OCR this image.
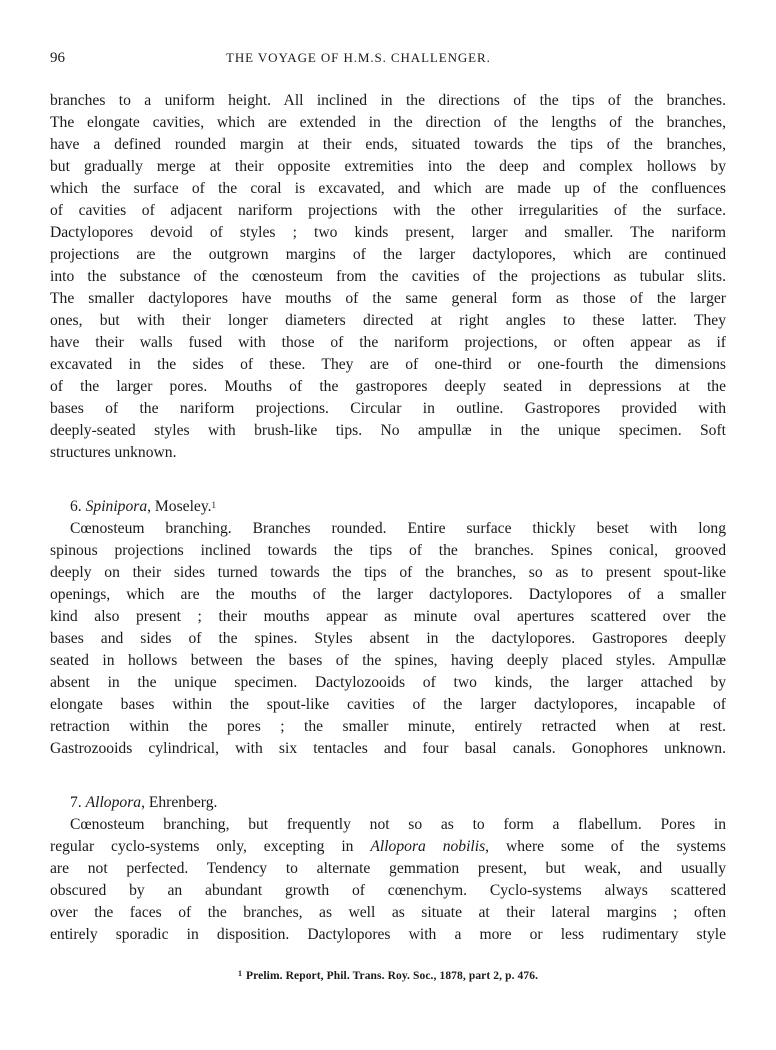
96	THE VOYAGE OF H.M.S. CHALLENGER.
branches to a uniform height. All inclined in the directions of the tips of the branches.
The elongate cavities, which are extended in the direction of the lengths of the branches,
have a defined rounded margin at their ends, situated towards the tips of the branches,
but gradually merge at their opposite extremities into the deep and complex hollows by
which the surface of the coral is excavated, and which are made up of the confluences
of cavities of adjacent nariform projections with the other irregularities of the surface.
Dactylopores devoid of styles ; two kinds present, larger and smaller. The nariform
projections are the outgrown margins of the larger dactylopores, which are continued
into the substance of the cœnosteum from the cavities of the projections as tubular slits.
The smaller dactylopores have mouths of the same general form as those of the larger
ones, but with their longer diameters directed at right angles to these latter. They
have their walls fused with those of the nariform projections, or often appear as if
excavated in the sides of these. They are of one-third or one-fourth the dimensions
of the larger pores. Mouths of the gastropores deeply seated in depressions at the
bases of the nariform projections. Circular in outline. Gastropores provided with
deeply-seated styles with brush-like tips. No ampullæ in the unique specimen. Soft
structures unknown.
6. Spinipora, Moseley.$^1$
Cœnosteum branching. Branches rounded. Entire surface thickly beset with long
spinous projections inclined towards the tips of the branches. Spines conical, grooved
deeply on their sides turned towards the tips of the branches, so as to present spout-like
openings, which are the mouths of the larger dactylopores. Dactylopores of a smaller
kind also present ; their mouths appear as minute oval apertures scattered over the
bases and sides of the spines. Styles absent in the dactylopores. Gastropores deeply
seated in hollows between the bases of the spines, having deeply placed styles. Ampullæ
absent in the unique specimen. Dactylozooids of two kinds, the larger attached by
elongate bases within the spout-like cavities of the larger dactylopores, incapable of
retraction within the pores ; the smaller minute, entirely retracted when at rest.
Gastrozooids cylindrical, with six tentacles and four basal canals. Gonophores unknown.
7. Allopora, Ehrenberg.
Cœnosteum branching, but frequently not so as to form a flabellum. Pores in
regular cyclo-systems only, excepting in Allopora nobilis, where some of the systems
are not perfected. Tendency to alternate gemmation present, but weak, and usually
obscured by an abundant growth of cœnenchym. Cyclo-systems always scattered
over the faces of the branches, as well as situate at their lateral margins ; often
entirely sporadic in disposition. Dactylopores with a more or less rudimentary style
$^1$ Prelim. Report, Phil. Trans. Roy. Soc., 1878, part 2, p. 476.
